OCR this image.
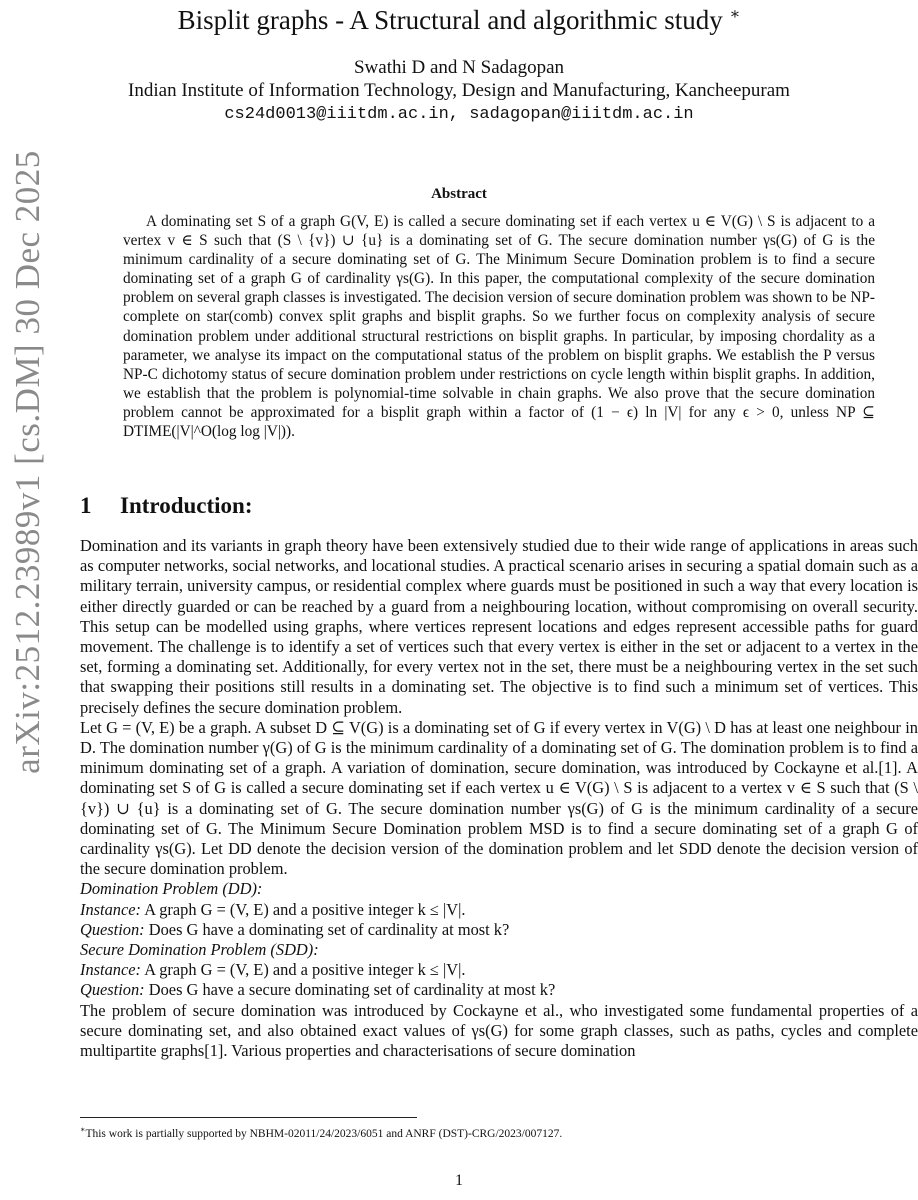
arXiv:2512.23989v1 [cs.DM] 30 Dec 2025
Bisplit graphs - A Structural and algorithmic study ∗
Swathi D and N Sadagopan
Indian Institute of Information Technology, Design and Manufacturing, Kancheepuram
cs24d0013@iiitdm.ac.in, sadagopan@iiitdm.ac.in
Abstract

A dominating set S of a graph G(V, E) is called a secure dominating set if each vertex u ∈ V(G) \ S is adjacent to a vertex v ∈ S such that (S \ {v}) ∪ {u} is a dominating set of G. The secure domination number γs(G) of G is the minimum cardinality of a secure dominating set of G. The Minimum Secure Domination problem is to find a secure dominating set of a graph G of cardinality γs(G). In this paper, the computational complexity of the secure domination problem on several graph classes is investigated. The decision version of secure domination problem was shown to be NP-complete on star(comb) convex split graphs and bisplit graphs. So we further focus on complexity analysis of secure domination problem under additional structural restrictions on bisplit graphs. In particular, by imposing chordality as a parameter, we analyse its impact on the computational status of the problem on bisplit graphs. We establish the P versus NP-C dichotomy status of secure domination problem under restrictions on cycle length within bisplit graphs. In addition, we establish that the problem is polynomial-time solvable in chain graphs. We also prove that the secure domination problem cannot be approximated for a bisplit graph within a factor of (1 − ϵ) ln |V| for any ϵ > 0, unless NP ⊆ DTIME(|V|^O(log log |V|)).

1 Introduction:

Domination and its variants in graph theory have been extensively studied due to their wide range of applications in areas such as computer networks, social networks, and locational studies. A practical scenario arises in securing a spatial domain such as a military terrain, university campus, or residential complex where guards must be positioned in such a way that every location is either directly guarded or can be reached by a guard from a neighbouring location, without compromising on overall security. This setup can be modelled using graphs, where vertices represent locations and edges represent accessible paths for guard movement. The challenge is to identify a set of vertices such that every vertex is either in the set or adjacent to a vertex in the set, forming a dominating set. Additionally, for every vertex not in the set, there must be a neighbouring vertex in the set such that swapping their positions still results in a dominating set. The objective is to find such a minimum set of vertices. This precisely defines the secure domination problem.

Let G = (V, E) be a graph. A subset D ⊆ V(G) is a dominating set of G if every vertex in V(G) \ D has at least one neighbour in D. The domination number γ(G) of G is the minimum cardinality of a dominating set of G. The domination problem is to find a minimum dominating set of a graph. A variation of domination, secure domination, was introduced by Cockayne et al.[1]. A dominating set S of G is called a secure dominating set if each vertex u ∈ V(G) \ S is adjacent to a vertex v ∈ S such that (S \ {v}) ∪ {u} is a dominating set of G. The secure domination number γs(G) of G is the minimum cardinality of a secure dominating set of G. The Minimum Secure Domination problem MSD is to find a secure dominating set of a graph G of cardinality γs(G). Let DD denote the decision version of the domination problem and let SDD denote the decision version of the secure domination problem.

Domination Problem (DD):

Instance: A graph G = (V, E) and a positive integer k ≤ |V|.

Question: Does G have a dominating set of cardinality at most k?

Secure Domination Problem (SDD):

Instance: A graph G = (V, E) and a positive integer k ≤ |V|.

Question: Does G have a secure dominating set of cardinality at most k?

The problem of secure domination was introduced by Cockayne et al., who investigated some fundamental properties of a secure dominating set, and also obtained exact values of γs(G) for some graph classes, such as paths, cycles and complete multipartite graphs[1]. Various properties and characterisations of secure domination

∗This work is partially supported by NBHM-02011/24/2023/6051 and ANRF (DST)-CRG/2023/007127.
1
